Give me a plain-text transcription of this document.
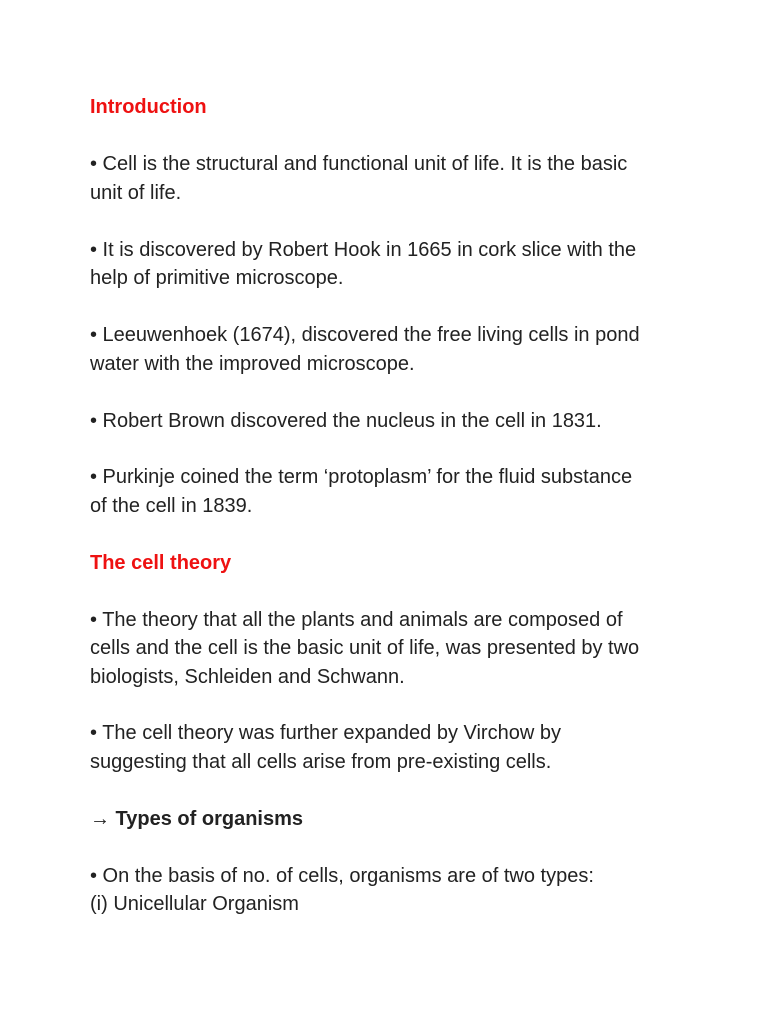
Introduction

• Cell is the structural and functional unit of life. It is the basic

unit of life.

• It is discovered by Robert Hook in 1665 in cork slice with the

help of primitive microscope.

• Leeuwenhoek (1674), discovered the free living cells in pond

water with the improved microscope.

• Robert Brown discovered the nucleus in the cell in 1831.

• Purkinje coined the term ‘protoplasm’ for the fluid substance

of the cell in 1839.

The cell theory

• The theory that all the plants and animals are composed of

cells and the cell is the basic unit of life, was presented by two

biologists, Schleiden and Schwann.

• The cell theory was further expanded by Virchow by

suggesting that all cells arise from pre-existing cells.

→ Types of organisms

• On the basis of no. of cells, organisms are of two types:

(i) Unicellular Organism
